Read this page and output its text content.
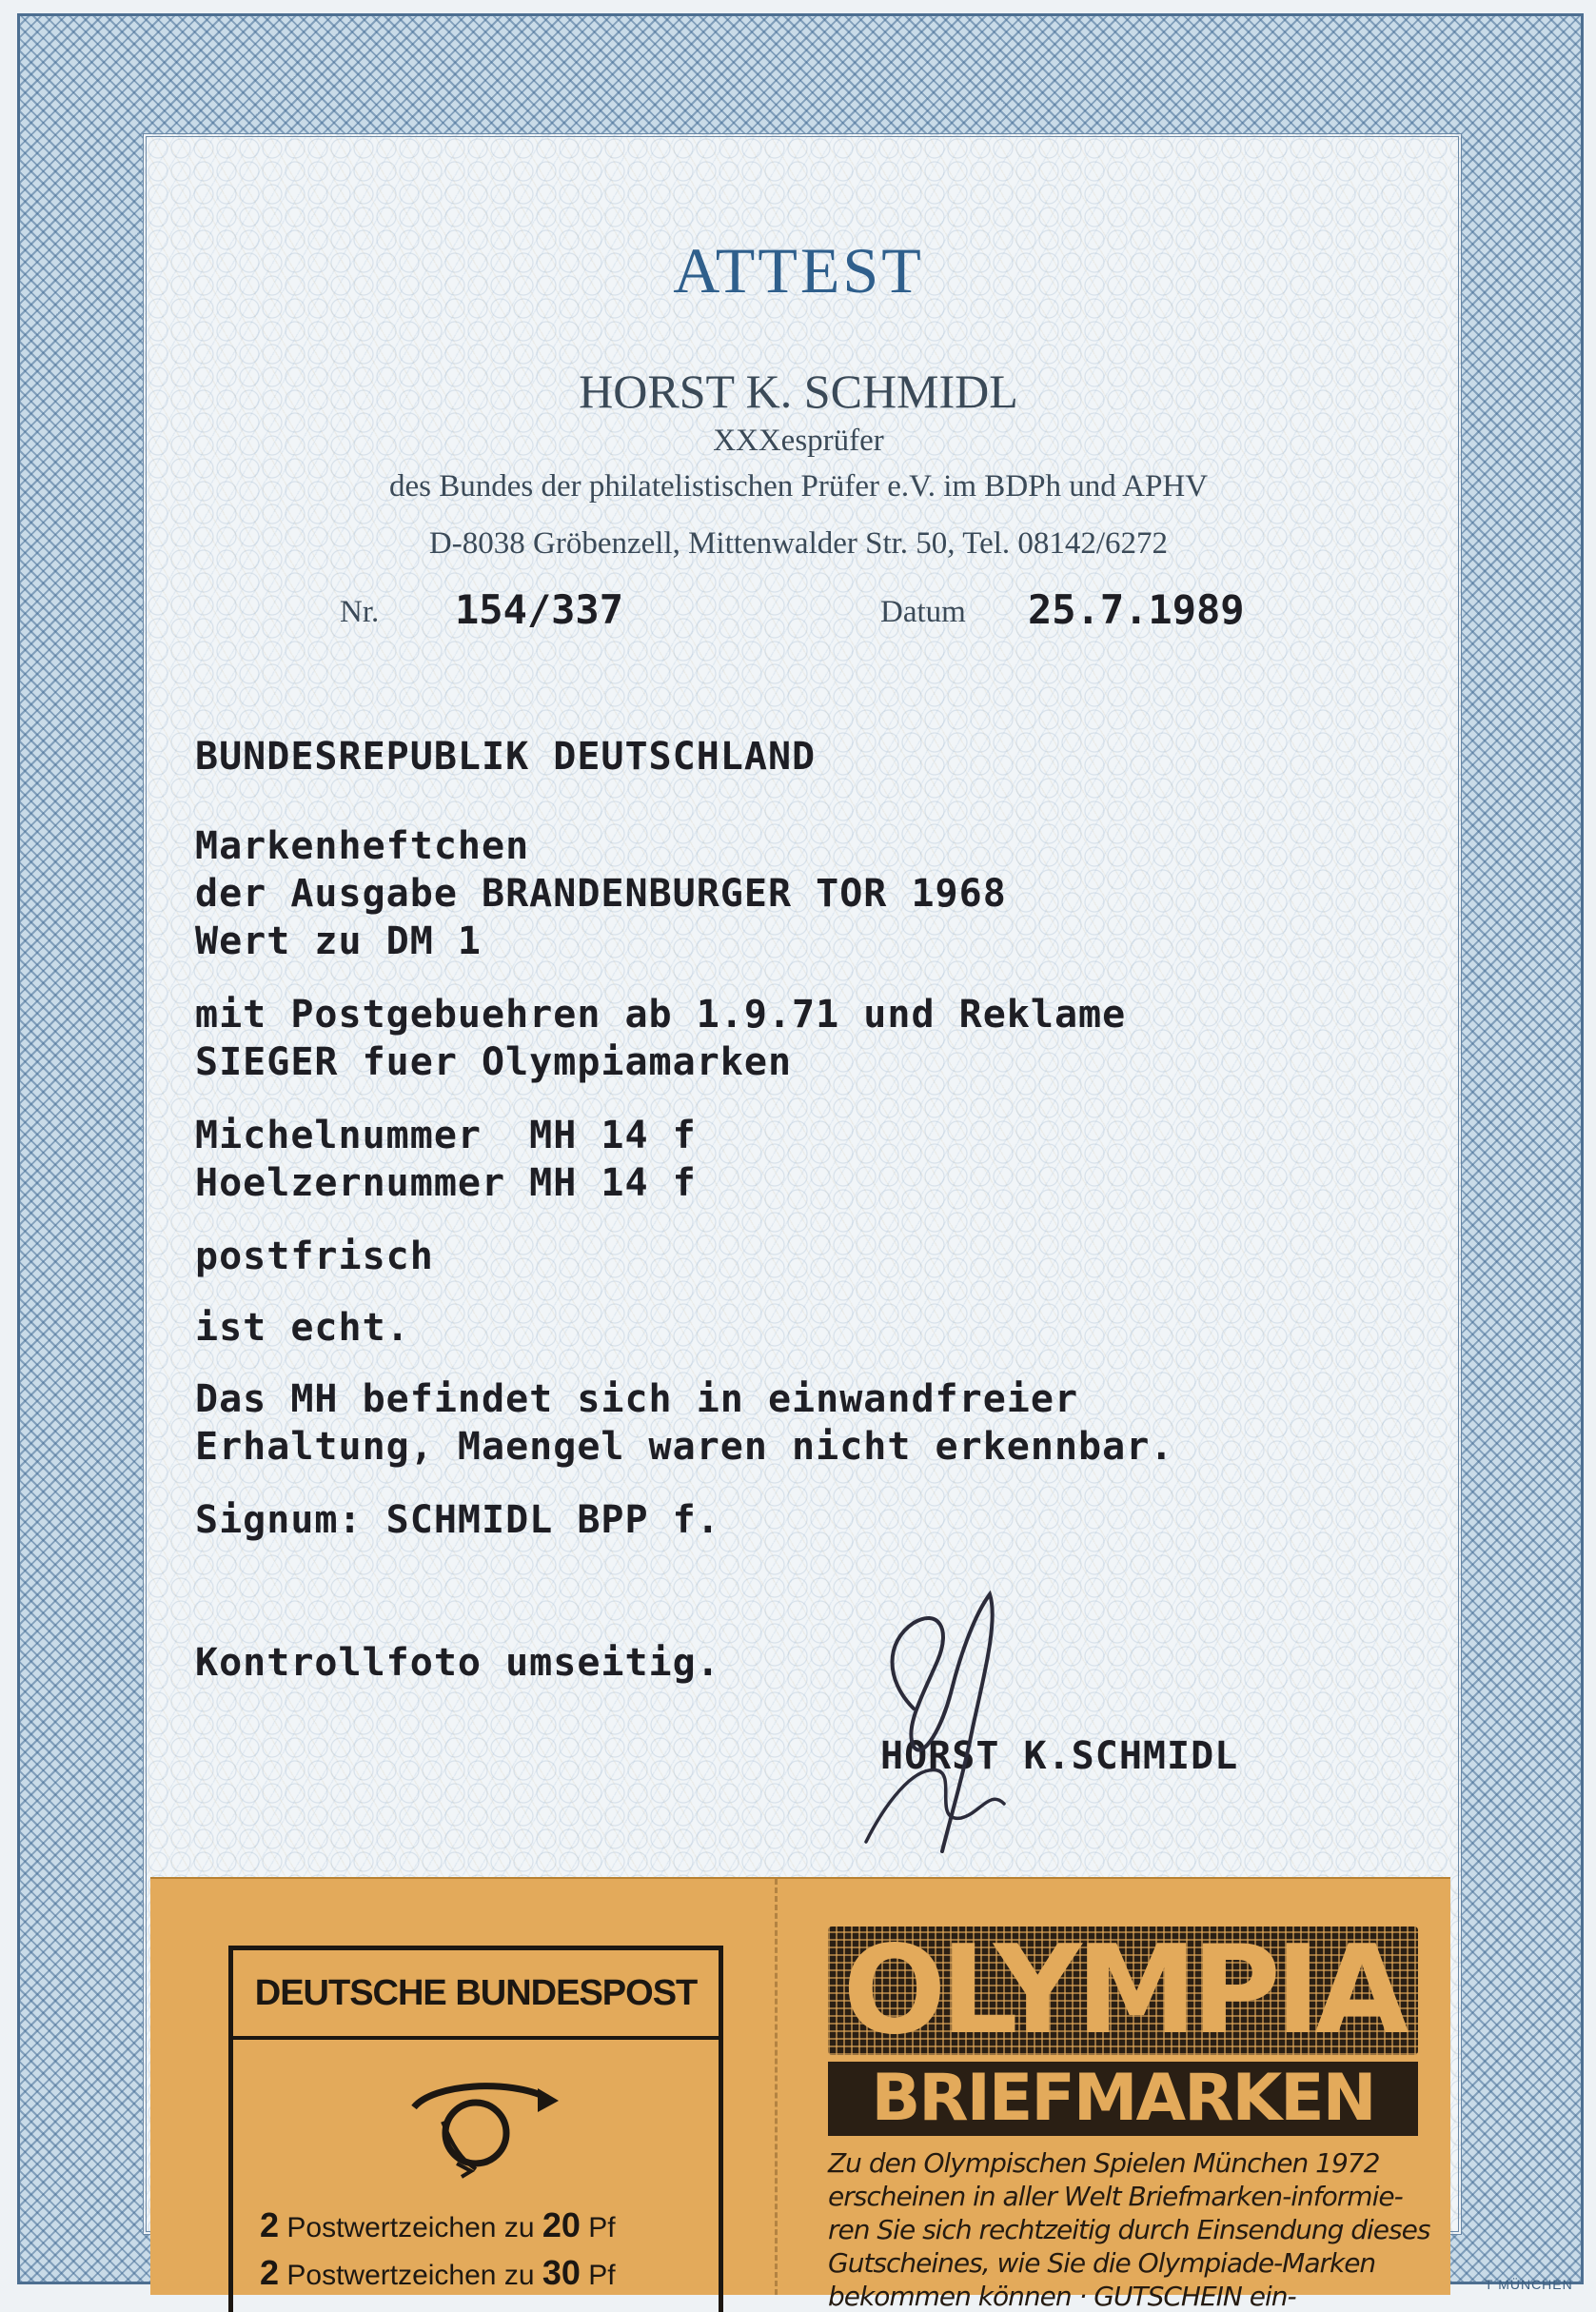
ATTEST
HORST K. SCHMIDL
XXXesprüfer
des Bundes der philatelistischen Prüfer e.V. im BDPh und APHV
D-8038 Gröbenzell, Mittenwalder Str. 50, Tel. 08142/6272
Nr. 154/337	Datum 25.7.1989
BUNDESREPUBLIK DEUTSCHLAND
Markenheftchen
der Ausgabe BRANDENBURGER TOR 1968
Wert zu DM 1
mit Postgebuehren ab 1.9.71 und Reklame
SIEGER fuer Olympiamarken
Michelnummer  MH 14 f
Hoelzernummer MH 14 f
postfrisch
ist echt.
Das MH befindet sich in einwandfreier
Erhaltung, Maengel waren nicht erkennbar.
Signum: SCHMIDL BPP f.
Kontrollfoto umseitig.
HORST K.SCHMIDL
DEUTSCHE BUNDESPOST
2 Postwertzeichen zu 20 Pf
2 Postwertzeichen zu 30 Pf
OLYMPIA
BRIEFMARKEN
Zu den Olympischen Spielen München 1972
erscheinen in aller Welt Briefmarken-informie-
ren Sie sich rechtzeitig durch Einsendung dieses
Gutscheines, wie Sie die Olympiade-Marken
bekommen können · GUTSCHEIN ein-	T MÜNCHEN
